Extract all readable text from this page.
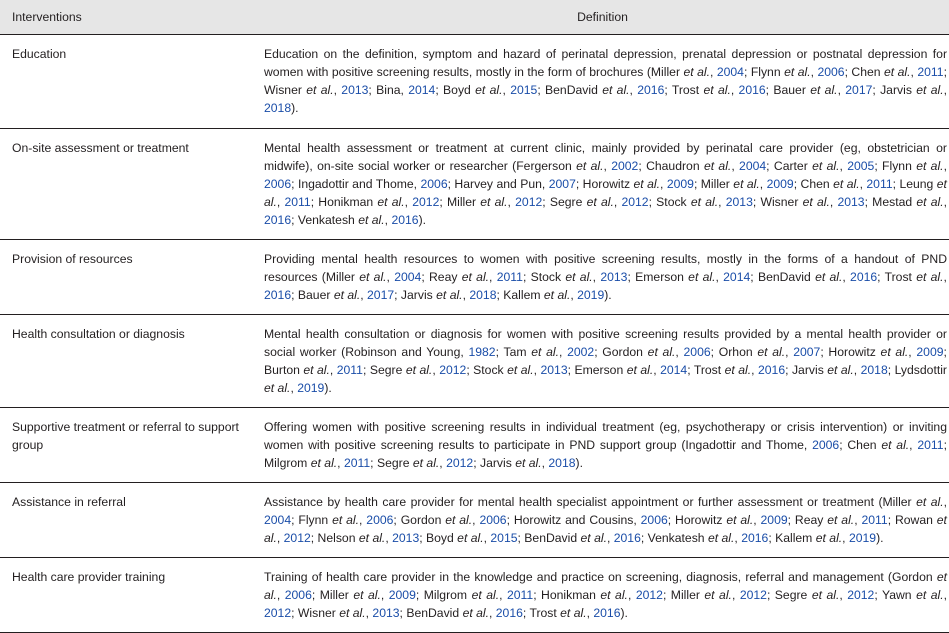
Interventions	Definition
Education	Education on the definition, symptom and hazard of perinatal depression, prenatal depression or postnatal depression for women with positive screening results, mostly in the form of brochures (Miller et al., 2004; Flynn et al., 2006; Chen et al., 2011; Wisner et al., 2013; Bina, 2014; Boyd et al., 2015; BenDavid et al., 2016; Trost et al., 2016; Bauer et al., 2017; Jarvis et al., 2018).
On-site assessment or treatment	Mental health assessment or treatment at current clinic, mainly provided by perinatal care provider (eg, obstetrician or midwife), on-site social worker or researcher (Fergerson et al., 2002; Chaudron et al., 2004; Carter et al., 2005; Flynn et al., 2006; Ingadottir and Thome, 2006; Harvey and Pun, 2007; Horowitz et al., 2009; Miller et al., 2009; Chen et al., 2011; Leung et al., 2011; Honikman et al., 2012; Miller et al., 2012; Segre et al., 2012; Stock et al., 2013; Wisner et al., 2013; Mestad et al., 2016; Venkatesh et al., 2016).
Provision of resources	Providing mental health resources to women with positive screening results, mostly in the forms of a handout of PND resources (Miller et al., 2004; Reay et al., 2011; Stock et al., 2013; Emerson et al., 2014; BenDavid et al., 2016; Trost et al., 2016; Bauer et al., 2017; Jarvis et al., 2018; Kallem et al., 2019).
Health consultation or diagnosis	Mental health consultation or diagnosis for women with positive screening results provided by a mental health provider or social worker (Robinson and Young, 1982; Tam et al., 2002; Gordon et al., 2006; Orhon et al., 2007; Horowitz et al., 2009; Burton et al., 2011; Segre et al., 2012; Stock et al., 2013; Emerson et al., 2014; Trost et al., 2016; Jarvis et al., 2018; Lydsdottir et al., 2019).
Supportive treatment or referral to support group	Offering women with positive screening results in individual treatment (eg, psychotherapy or crisis intervention) or inviting women with positive screening results to participate in PND support group (Ingadottir and Thome, 2006; Chen et al., 2011; Milgrom et al., 2011; Segre et al., 2012; Jarvis et al., 2018).
Assistance in referral	Assistance by health care provider for mental health specialist appointment or further assessment or treatment (Miller et al., 2004; Flynn et al., 2006; Gordon et al., 2006; Horowitz and Cousins, 2006; Horowitz et al., 2009; Reay et al., 2011; Rowan et al., 2012; Nelson et al., 2013; Boyd et al., 2015; BenDavid et al., 2016; Venkatesh et al., 2016; Kallem et al., 2019).
Health care provider training	Training of health care provider in the knowledge and practice on screening, diagnosis, referral and management (Gordon et al., 2006; Miller et al., 2009; Milgrom et al., 2011; Honikman et al., 2012; Miller et al., 2012; Segre et al., 2012; Yawn et al., 2012; Wisner et al., 2013; BenDavid et al., 2016; Trost et al., 2016).
